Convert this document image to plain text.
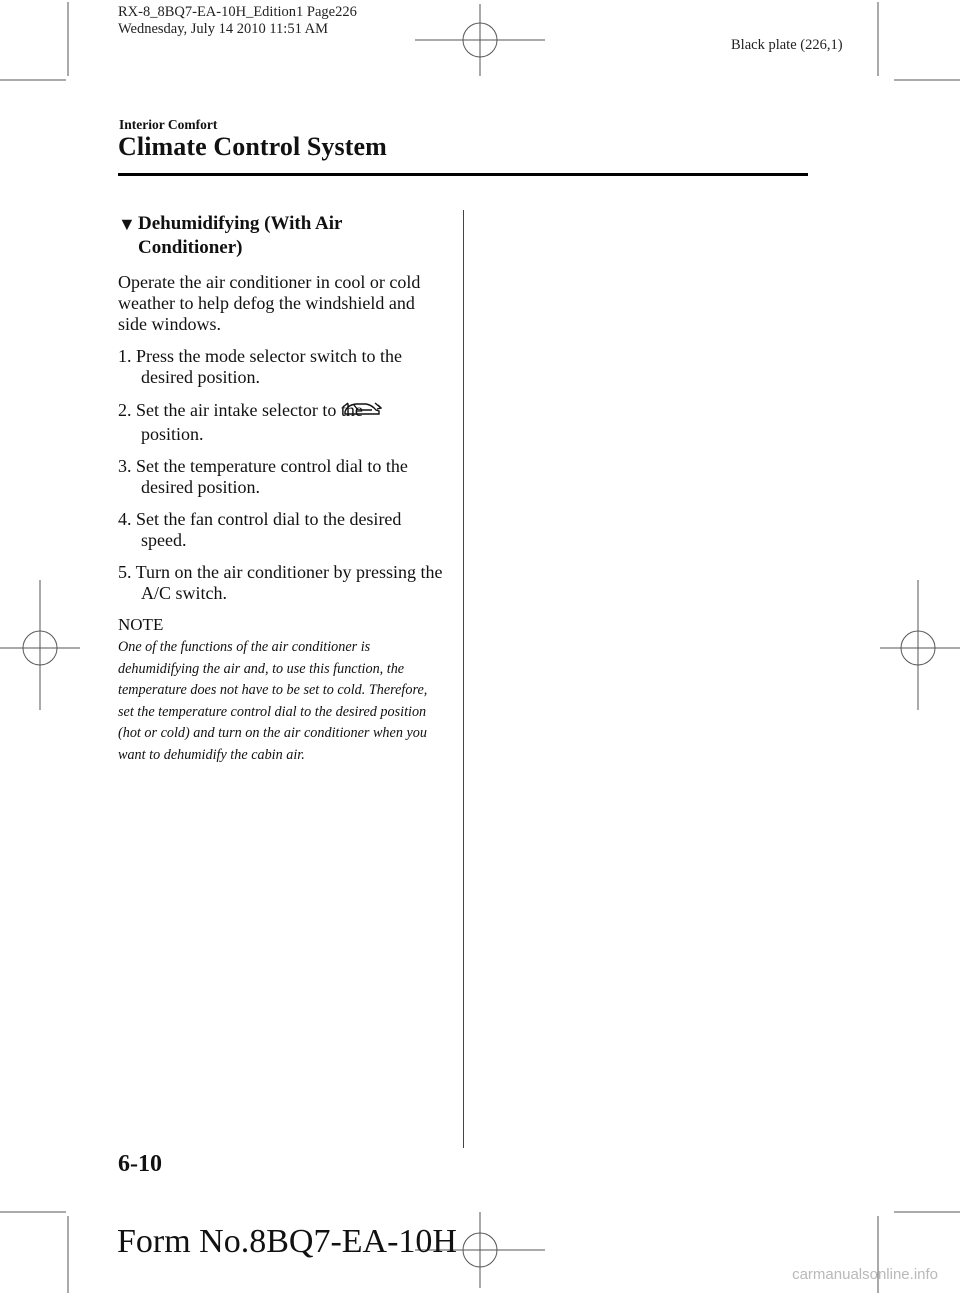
RX-8_8BQ7-EA-10H_Edition1 Page226
Wednesday, July 14 2010 11:51 AM
Black plate (226,1)
Interior Comfort
Climate Control System
▼ Dehumidifying (With Air
Conditioner)

Operate the air conditioner in cool or cold weather to help defog the windshield and side windows.

1. Press the mode selector switch to the desired position.
2. Set the air intake selector to the
position.
3. Set the temperature control dial to the desired position.
4. Set the fan control dial to the desired speed.
5. Turn on the air conditioner by pressing the A/C switch.
NOTE

One of the functions of the air conditioner is dehumidifying the air and, to use this function, the temperature does not have to be set to cold. Therefore, set the temperature control dial to the desired position (hot or cold) and turn on the air conditioner when you want to dehumidify the cabin air.

6-10
Form No.8BQ7-EA-10H
carmanualsonline.info
